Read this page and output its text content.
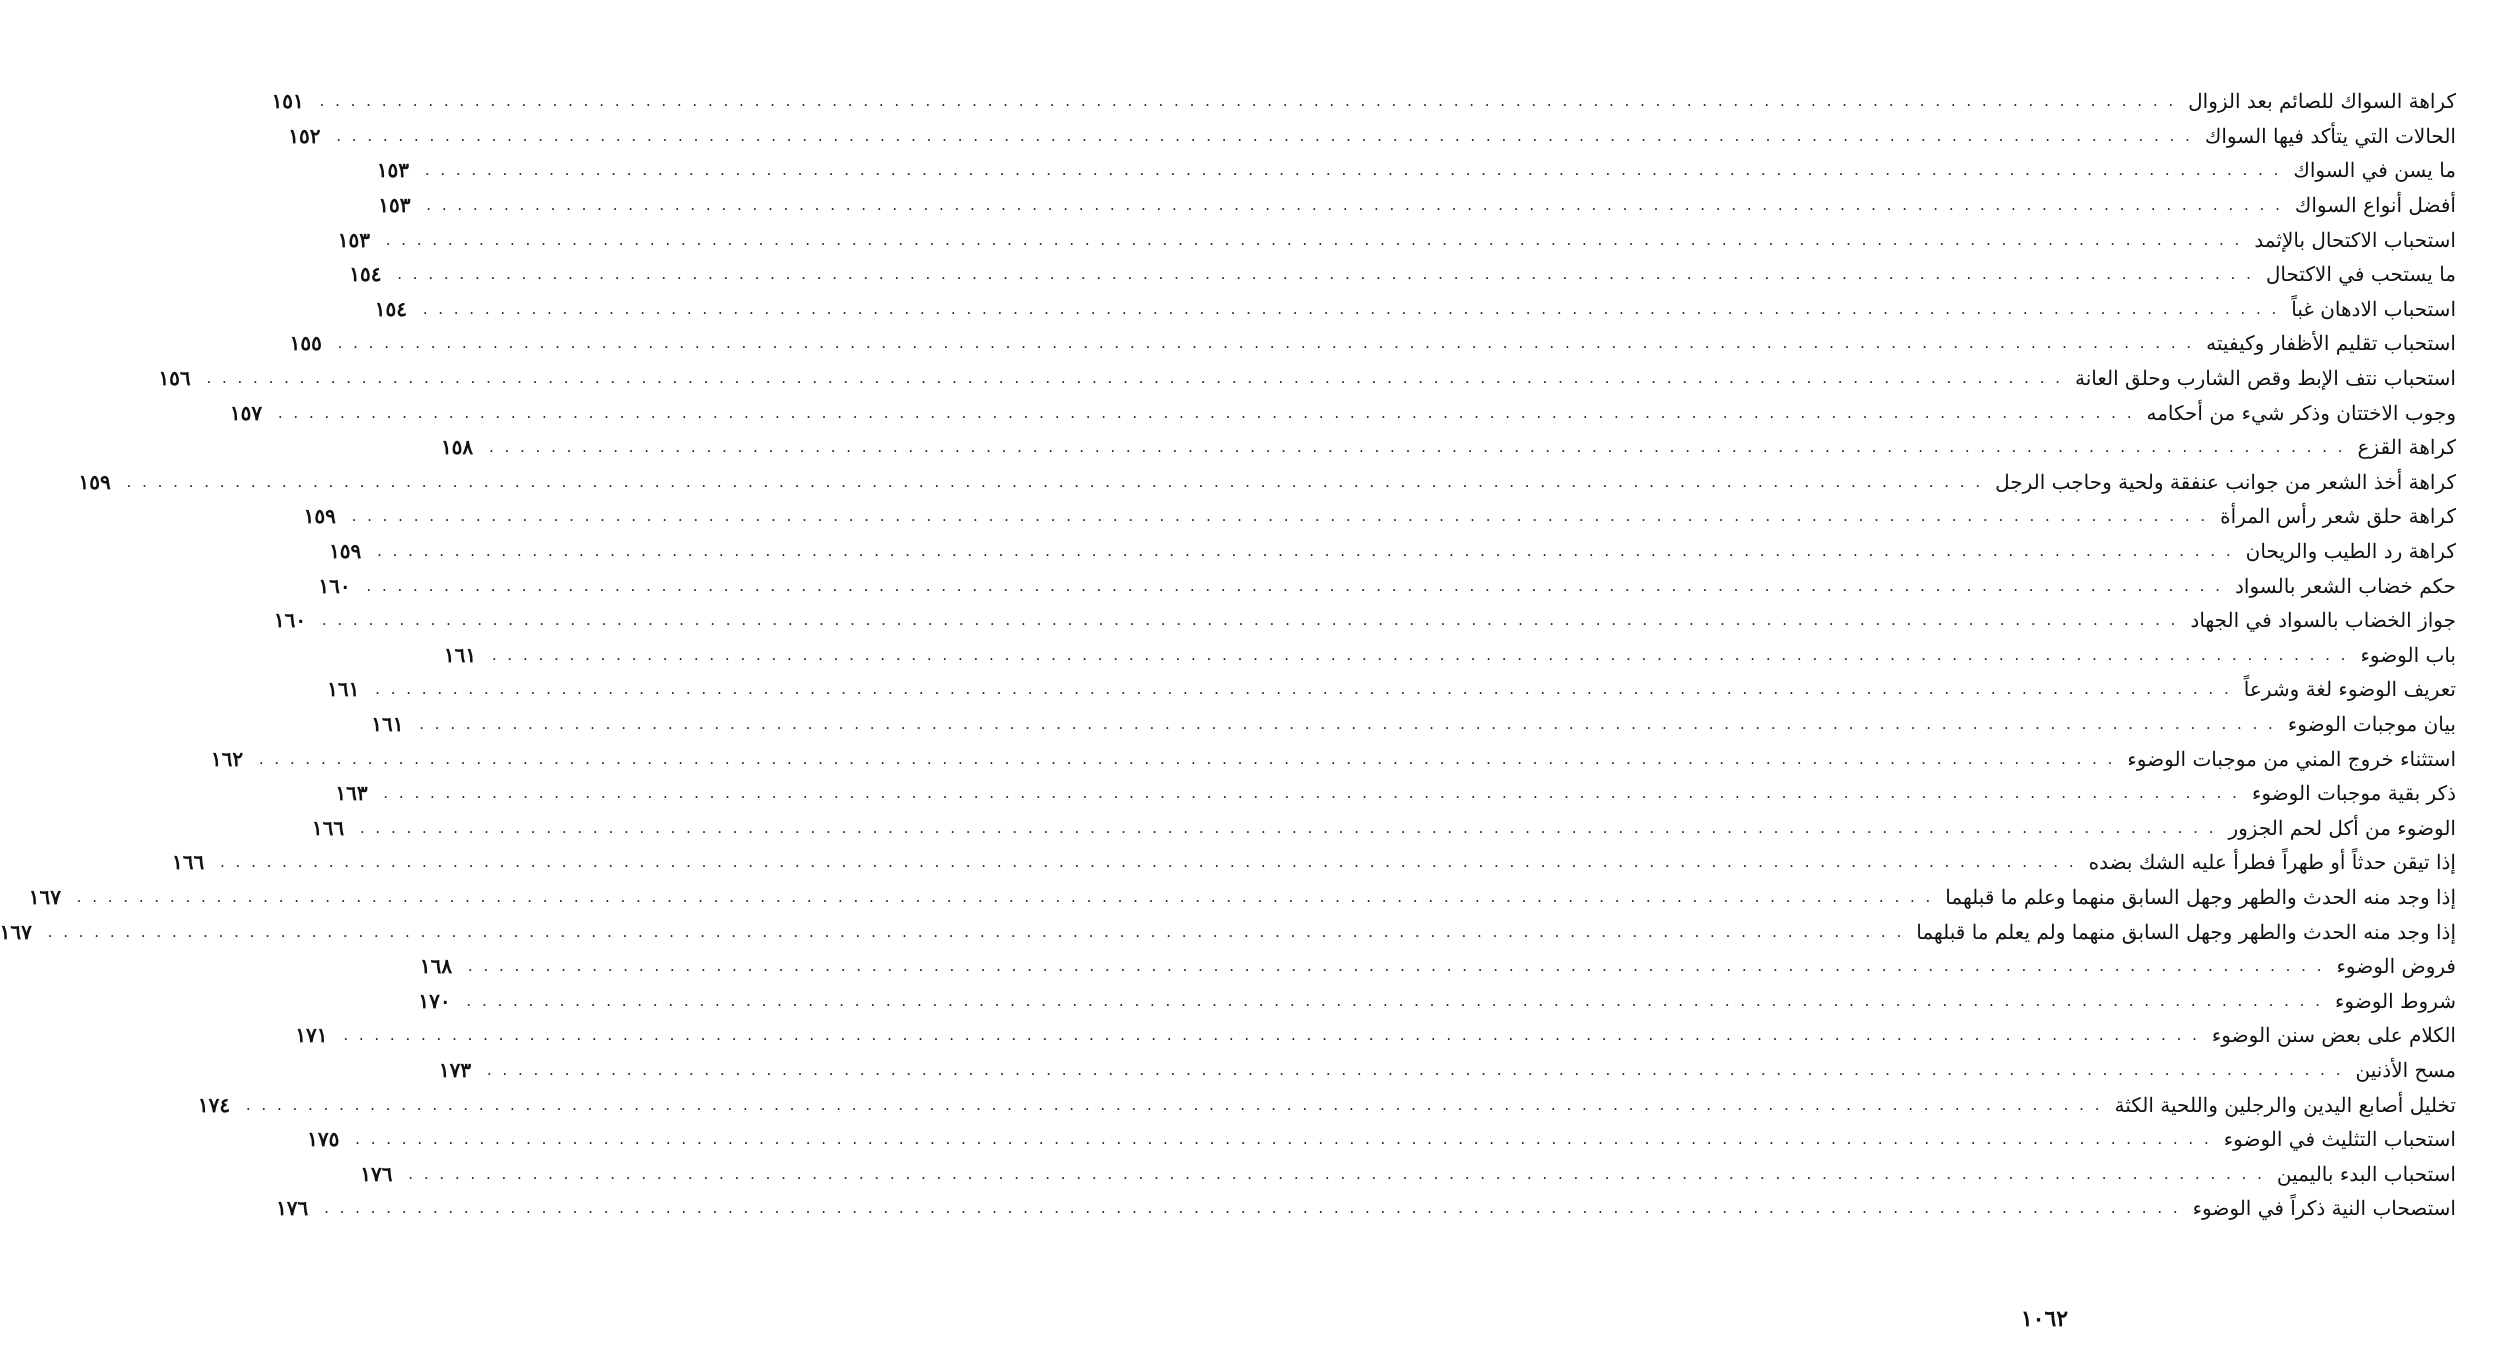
كراهة السواك للصائم بعد الزوال
. . . . . . . . . . . . . . . . . . . . . . . . . . . . . . . . . . . . . . . . . . . . . . . . . . . . . . . . . . . . . . . . . . . . . . . . . . . . . . . . . . . . . . . . . . . . . . . . . . . . . . . . . . . . . . . . . . . . . . . .
١٥١
الحالات التي يتأكد فيها السواك
. . . . . . . . . . . . . . . . . . . . . . . . . . . . . . . . . . . . . . . . . . . . . . . . . . . . . . . . . . . . . . . . . . . . . . . . . . . . . . . . . . . . . . . . . . . . . . . . . . . . . . . . . . . . . . . . . . . . . . . .
١٥٢
ما يسن في السواك
. . . . . . . . . . . . . . . . . . . . . . . . . . . . . . . . . . . . . . . . . . . . . . . . . . . . . . . . . . . . . . . . . . . . . . . . . . . . . . . . . . . . . . . . . . . . . . . . . . . . . . . . . . . . . . . . . . . . . . . .
١٥٣
أفضل أنواع السواك
. . . . . . . . . . . . . . . . . . . . . . . . . . . . . . . . . . . . . . . . . . . . . . . . . . . . . . . . . . . . . . . . . . . . . . . . . . . . . . . . . . . . . . . . . . . . . . . . . . . . . . . . . . . . . . . . . . . . . . . .
١٥٣
استحباب الاكتحال بالإثمد
. . . . . . . . . . . . . . . . . . . . . . . . . . . . . . . . . . . . . . . . . . . . . . . . . . . . . . . . . . . . . . . . . . . . . . . . . . . . . . . . . . . . . . . . . . . . . . . . . . . . . . . . . . . . . . . . . . . . . . . .
١٥٣
ما يستحب في الاكتحال
. . . . . . . . . . . . . . . . . . . . . . . . . . . . . . . . . . . . . . . . . . . . . . . . . . . . . . . . . . . . . . . . . . . . . . . . . . . . . . . . . . . . . . . . . . . . . . . . . . . . . . . . . . . . . . . . . . . . . . . .
١٥٤
استحباب الادهان غباً
. . . . . . . . . . . . . . . . . . . . . . . . . . . . . . . . . . . . . . . . . . . . . . . . . . . . . . . . . . . . . . . . . . . . . . . . . . . . . . . . . . . . . . . . . . . . . . . . . . . . . . . . . . . . . . . . . . . . . . . .
١٥٤
استحباب تقليم الأظفار وكيفيته
. . . . . . . . . . . . . . . . . . . . . . . . . . . . . . . . . . . . . . . . . . . . . . . . . . . . . . . . . . . . . . . . . . . . . . . . . . . . . . . . . . . . . . . . . . . . . . . . . . . . . . . . . . . . . . . . . . . . . . . .
١٥٥
استحباب نتف الإبط وقص الشارب وحلق العانة
. . . . . . . . . . . . . . . . . . . . . . . . . . . . . . . . . . . . . . . . . . . . . . . . . . . . . . . . . . . . . . . . . . . . . . . . . . . . . . . . . . . . . . . . . . . . . . . . . . . . . . . . . . . . . . . . . . . . . . . .
١٥٦
وجوب الاختتان وذكر شيء من أحكامه
. . . . . . . . . . . . . . . . . . . . . . . . . . . . . . . . . . . . . . . . . . . . . . . . . . . . . . . . . . . . . . . . . . . . . . . . . . . . . . . . . . . . . . . . . . . . . . . . . . . . . . . . . . . . . . . . . . . . . . . .
١٥٧
كراهة القزع
. . . . . . . . . . . . . . . . . . . . . . . . . . . . . . . . . . . . . . . . . . . . . . . . . . . . . . . . . . . . . . . . . . . . . . . . . . . . . . . . . . . . . . . . . . . . . . . . . . . . . . . . . . . . . . . . . . . . . . . .
١٥٨
كراهة أخذ الشعر من جوانب عنفقة ولحية وحاجب الرجل
. . . . . . . . . . . . . . . . . . . . . . . . . . . . . . . . . . . . . . . . . . . . . . . . . . . . . . . . . . . . . . . . . . . . . . . . . . . . . . . . . . . . . . . . . . . . . . . . . . . . . . . . . . . . . . . . . . . . . . . .
١٥٩
كراهة حلق شعر رأس المرأة
. . . . . . . . . . . . . . . . . . . . . . . . . . . . . . . . . . . . . . . . . . . . . . . . . . . . . . . . . . . . . . . . . . . . . . . . . . . . . . . . . . . . . . . . . . . . . . . . . . . . . . . . . . . . . . . . . . . . . . . .
١٥٩
كراهة رد الطيب والريحان
. . . . . . . . . . . . . . . . . . . . . . . . . . . . . . . . . . . . . . . . . . . . . . . . . . . . . . . . . . . . . . . . . . . . . . . . . . . . . . . . . . . . . . . . . . . . . . . . . . . . . . . . . . . . . . . . . . . . . . . .
١٥٩
حكم خضاب الشعر بالسواد
. . . . . . . . . . . . . . . . . . . . . . . . . . . . . . . . . . . . . . . . . . . . . . . . . . . . . . . . . . . . . . . . . . . . . . . . . . . . . . . . . . . . . . . . . . . . . . . . . . . . . . . . . . . . . . . . . . . . . . . .
١٦٠
جواز الخضاب بالسواد في الجهاد
. . . . . . . . . . . . . . . . . . . . . . . . . . . . . . . . . . . . . . . . . . . . . . . . . . . . . . . . . . . . . . . . . . . . . . . . . . . . . . . . . . . . . . . . . . . . . . . . . . . . . . . . . . . . . . . . . . . . . . . .
١٦٠
باب الوضوء
. . . . . . . . . . . . . . . . . . . . . . . . . . . . . . . . . . . . . . . . . . . . . . . . . . . . . . . . . . . . . . . . . . . . . . . . . . . . . . . . . . . . . . . . . . . . . . . . . . . . . . . . . . . . . . . . . . . . . . . .
١٦١
تعريف الوضوء لغة وشرعاً
. . . . . . . . . . . . . . . . . . . . . . . . . . . . . . . . . . . . . . . . . . . . . . . . . . . . . . . . . . . . . . . . . . . . . . . . . . . . . . . . . . . . . . . . . . . . . . . . . . . . . . . . . . . . . . . . . . . . . . . .
١٦١
بيان موجبات الوضوء
. . . . . . . . . . . . . . . . . . . . . . . . . . . . . . . . . . . . . . . . . . . . . . . . . . . . . . . . . . . . . . . . . . . . . . . . . . . . . . . . . . . . . . . . . . . . . . . . . . . . . . . . . . . . . . . . . . . . . . . .
١٦١
استثناء خروج المني من موجبات الوضوء
. . . . . . . . . . . . . . . . . . . . . . . . . . . . . . . . . . . . . . . . . . . . . . . . . . . . . . . . . . . . . . . . . . . . . . . . . . . . . . . . . . . . . . . . . . . . . . . . . . . . . . . . . . . . . . . . . . . . . . . .
١٦٢
ذكر بقية موجبات الوضوء
. . . . . . . . . . . . . . . . . . . . . . . . . . . . . . . . . . . . . . . . . . . . . . . . . . . . . . . . . . . . . . . . . . . . . . . . . . . . . . . . . . . . . . . . . . . . . . . . . . . . . . . . . . . . . . . . . . . . . . . .
١٦٣
الوضوء من أكل لحم الجزور
. . . . . . . . . . . . . . . . . . . . . . . . . . . . . . . . . . . . . . . . . . . . . . . . . . . . . . . . . . . . . . . . . . . . . . . . . . . . . . . . . . . . . . . . . . . . . . . . . . . . . . . . . . . . . . . . . . . . . . . .
١٦٦
إذا تيقن حدثاً أو طهراً فطرأ عليه الشك بضده
. . . . . . . . . . . . . . . . . . . . . . . . . . . . . . . . . . . . . . . . . . . . . . . . . . . . . . . . . . . . . . . . . . . . . . . . . . . . . . . . . . . . . . . . . . . . . . . . . . . . . . . . . . . . . . . . . . . . . . . .
١٦٦
إذا وجد منه الحدث والطهر وجهل السابق منهما وعلم ما قبلهما
. . . . . . . . . . . . . . . . . . . . . . . . . . . . . . . . . . . . . . . . . . . . . . . . . . . . . . . . . . . . . . . . . . . . . . . . . . . . . . . . . . . . . . . . . . . . . . . . . . . . . . . . . . . . . . . . . . . . . . . .
١٦٧
إذا وجد منه الحدث والطهر وجهل السابق منهما ولم يعلم ما قبلهما
. . . . . . . . . . . . . . . . . . . . . . . . . . . . . . . . . . . . . . . . . . . . . . . . . . . . . . . . . . . . . . . . . . . . . . . . . . . . . . . . . . . . . . . . . . . . . . . . . . . . . . . . . . . . . . . . . . . . . . . .
١٦٧
فروض الوضوء
. . . . . . . . . . . . . . . . . . . . . . . . . . . . . . . . . . . . . . . . . . . . . . . . . . . . . . . . . . . . . . . . . . . . . . . . . . . . . . . . . . . . . . . . . . . . . . . . . . . . . . . . . . . . . . . . . . . . . . . .
١٦٨
شروط الوضوء
. . . . . . . . . . . . . . . . . . . . . . . . . . . . . . . . . . . . . . . . . . . . . . . . . . . . . . . . . . . . . . . . . . . . . . . . . . . . . . . . . . . . . . . . . . . . . . . . . . . . . . . . . . . . . . . . . . . . . . . .
١٧٠
الكلام على بعض سنن الوضوء
. . . . . . . . . . . . . . . . . . . . . . . . . . . . . . . . . . . . . . . . . . . . . . . . . . . . . . . . . . . . . . . . . . . . . . . . . . . . . . . . . . . . . . . . . . . . . . . . . . . . . . . . . . . . . . . . . . . . . . . .
١٧١
مسح الأذنين
. . . . . . . . . . . . . . . . . . . . . . . . . . . . . . . . . . . . . . . . . . . . . . . . . . . . . . . . . . . . . . . . . . . . . . . . . . . . . . . . . . . . . . . . . . . . . . . . . . . . . . . . . . . . . . . . . . . . . . . .
١٧٣
تخليل أصابع اليدين والرجلين واللحية الكثة
. . . . . . . . . . . . . . . . . . . . . . . . . . . . . . . . . . . . . . . . . . . . . . . . . . . . . . . . . . . . . . . . . . . . . . . . . . . . . . . . . . . . . . . . . . . . . . . . . . . . . . . . . . . . . . . . . . . . . . . .
١٧٤
استحباب التثليث في الوضوء
. . . . . . . . . . . . . . . . . . . . . . . . . . . . . . . . . . . . . . . . . . . . . . . . . . . . . . . . . . . . . . . . . . . . . . . . . . . . . . . . . . . . . . . . . . . . . . . . . . . . . . . . . . . . . . . . . . . . . . . .
١٧٥
استحباب البدء باليمين
. . . . . . . . . . . . . . . . . . . . . . . . . . . . . . . . . . . . . . . . . . . . . . . . . . . . . . . . . . . . . . . . . . . . . . . . . . . . . . . . . . . . . . . . . . . . . . . . . . . . . . . . . . . . . . . . . . . . . . . .
١٧٦
استصحاب النية ذكراً في الوضوء
. . . . . . . . . . . . . . . . . . . . . . . . . . . . . . . . . . . . . . . . . . . . . . . . . . . . . . . . . . . . . . . . . . . . . . . . . . . . . . . . . . . . . . . . . . . . . . . . . . . . . . . . . . . . . . . . . . . . . . . .
١٧٦
١٠٦٢
